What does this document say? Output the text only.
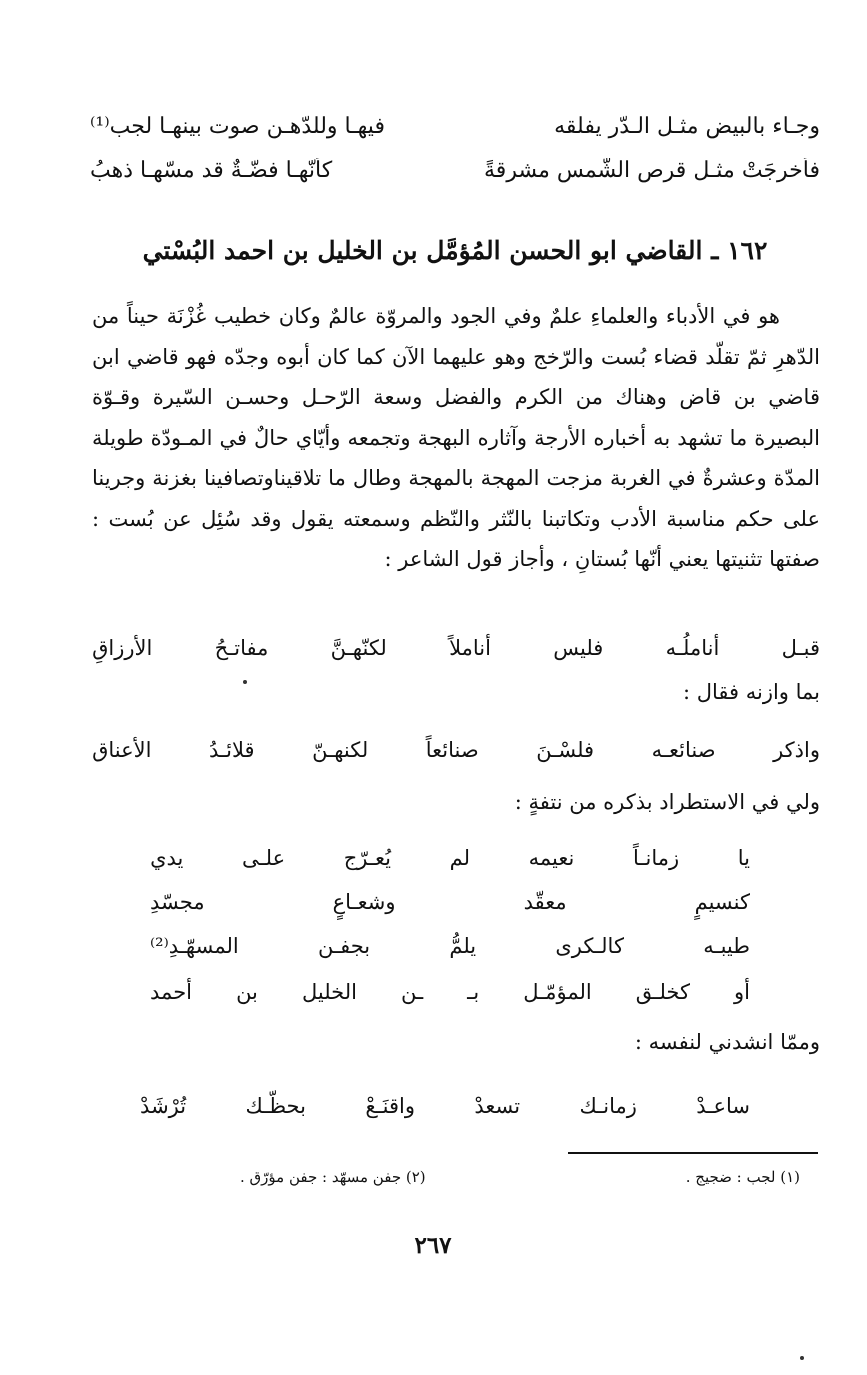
وجـاء بالبيضِ مثـل الـدّر يفلقه
فيهـا وللدّهـن صوت بينهـا لجب⁽¹⁾
فأخرجَتْ مثـل قرص الشّمس مشرقةً
كأنّهـا فضّـةٌ قد مسّهـا ذهبُ
١٦٢ ـ القاضي ابو الحسن المُؤمَّل بن الخليل بن احمد البُسْتي

هو في الأدباء والعلماءِ علمٌ وفي الجود والمروّة عالمٌ وكان خطيب غُزْنَة حيناً من الدّهرِ ثمّ تقلّد قضاء بُست والرّخج وهو عليهما الآن كما كان أبوه وجدّه فهو قاضي ابن قاضي بن قاض وهناك من الكرم والفضل وسعة الرّحـل وحسـن السّيرة وقـوّة البصيرة ما تشهد به أخباره الأرجة وآثاره البهجة وتجمعه وأيّاي حالٌ في المـودّة طويلة المدّة وعشرةٌ في الغربة مزجت المهجة بالمهجة وطال ما تلاقيناوتصافينا بغزنة وجرينا على حكم مناسبة الأدب وتكاتبنا بالنّثر والنّظم وسمعته يقول وقد سُئِل عن بُست : صفتها تثنيتها يعني أنّها بُستانِ ، وأجاز قول الشاعر :

قبـل
أناملُـه
فليس
أناملاً
لكنّهـنَّ
مفاتـحُ
الأرزاقِ
بما وازنه فقال :
واذكر
صنائعـه
فلسْـنَ
صنائعاً
لكنهـنّ
قلائـدُ
الأعناق
ولي في الاستطراد بذكره من نتفةٍ :
يا
زمانـاً
نعيمه
لم
يُعـرّج
علـى
يدي
كنسيمٍ
معقّد
وشعـاعٍ
مجسّدِ
طيبـه
كالـكرى
يلمُّ
بجفـن
المسهّـدِ⁽²⁾
أو
كخلـق
المؤمّـل
بـ
ـن
الخليل
بن
أحمد
وممّا انشدني لنفسه :
ساعـدْ
زمانـك
تسعدْ
واقنَـعْ
بحظّـك
تُرْشَدْ
(١) لجب : ضجيج .
(٢) جفن مسهّد : جفن مؤرّق .
٢٦٧
